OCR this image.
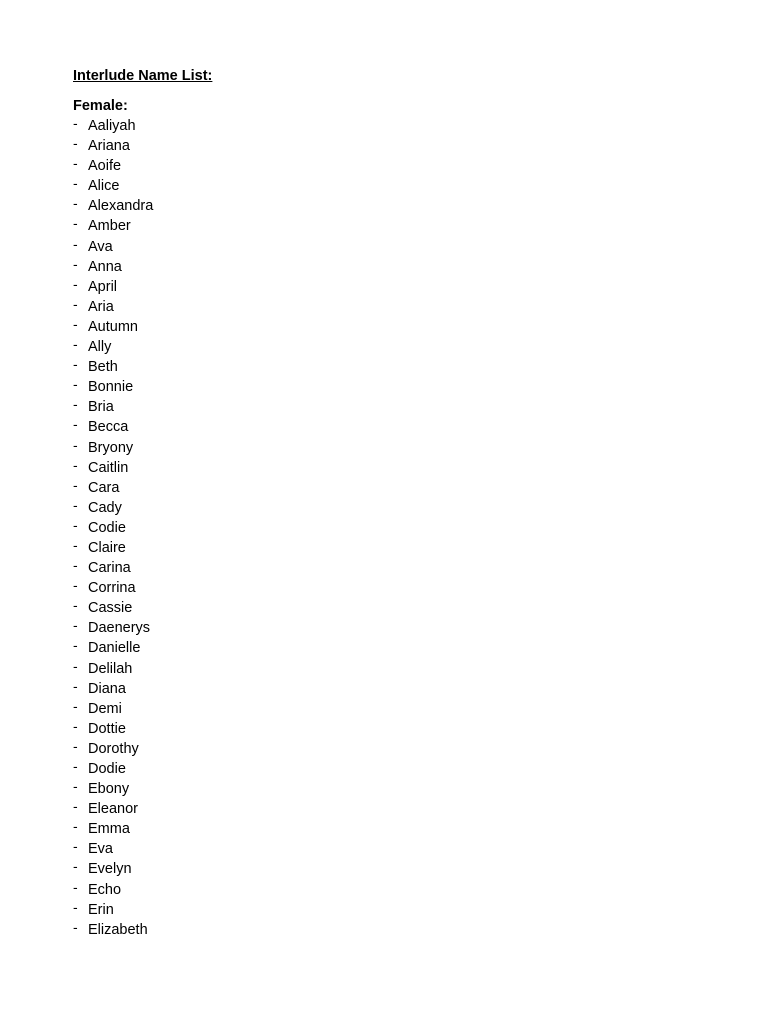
Interlude Name List:
Female:
- Aaliyah
- Ariana
- Aoife
- Alice
- Alexandra
- Amber
- Ava
- Anna
- April
- Aria
- Autumn
- Ally
- Beth
- Bonnie
- Bria
- Becca
- Bryony
- Caitlin
- Cara
- Cady
- Codie
- Claire
- Carina
- Corrina
- Cassie
- Daenerys
- Danielle
- Delilah
- Diana
- Demi
- Dottie
- Dorothy
- Dodie
- Ebony
- Eleanor
- Emma
- Eva
- Evelyn
- Echo
- Erin
- Elizabeth
